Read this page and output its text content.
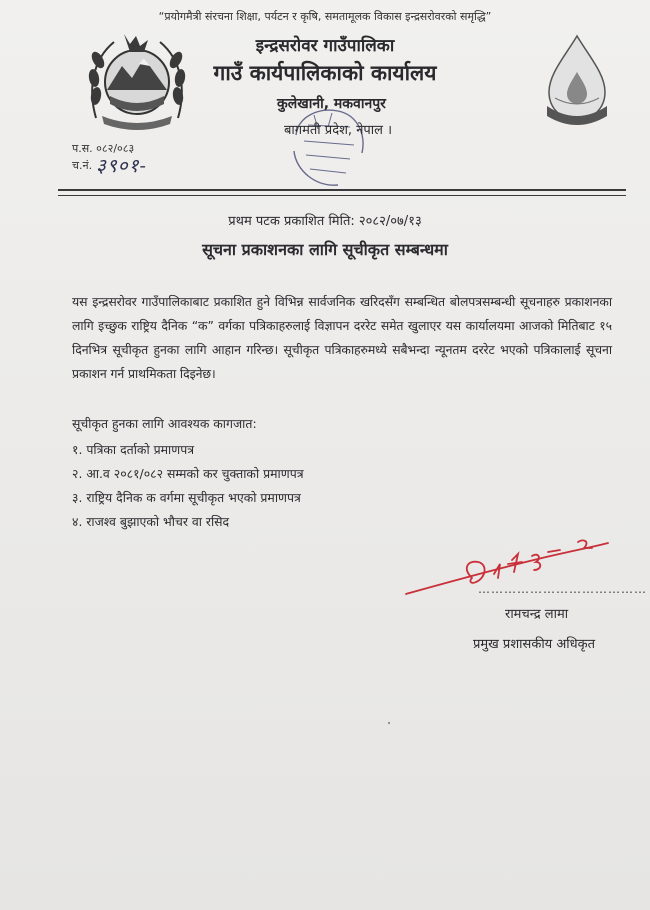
“प्रयोगमैत्री संरचना शिक्षा, पर्यटन र कृषि, समतामूलक विकास इन्द्रसरोवरको समृद्धि”
इन्द्रसरोवर गाउँपालिका
गाउँ कार्यपालिकाको कार्यालय
कुलेखानी, मकवानपुर
बागमती प्रदेश, नेपाल ।
प.स. ०८२/०८३
च.नं. ३९०१-
प्रथम पटक प्रकाशित मिति: २०८२/०७/१३
सूचना प्रकाशनका लागि सूचीकृत सम्बन्धमा
यस इन्द्रसरोवर गाउँपालिकाबाट प्रकाशित हुने विभिन्न सार्वजनिक खरिदसँग सम्बन्धित बोलपत्रसम्बन्धी सूचनाहरु प्रकाशनका लागि इच्छुक राष्ट्रिय दैनिक “क” वर्गका पत्रिकाहरुलाई विज्ञापन दररेट समेत खुलाएर यस कार्यालयमा आजको मितिबाट १५ दिनभित्र सूचीकृत हुनका लागि आहान गरिन्छ। सूचीकृत पत्रिकाहरुमध्ये सबैभन्दा न्यूनतम दररेट भएको पत्रिकालाई सूचना प्रकाशन गर्न प्राथमिकता दिइनेछ।
सूचीकृत हुनका लागि आवश्यक कागजात:
१. पत्रिका दर्ताको प्रमाणपत्र
२. आ.व २०८१/०८२ सम्मको कर चुक्ताको प्रमाणपत्र
३. राष्ट्रिय दैनिक क वर्गमा सूचीकृत भएको प्रमाणपत्र
४. राजश्व बुझाएको भौचर वा रसिद
…………………………………
रामचन्द्र लामा
प्रमुख प्रशासकीय अधिकृत
